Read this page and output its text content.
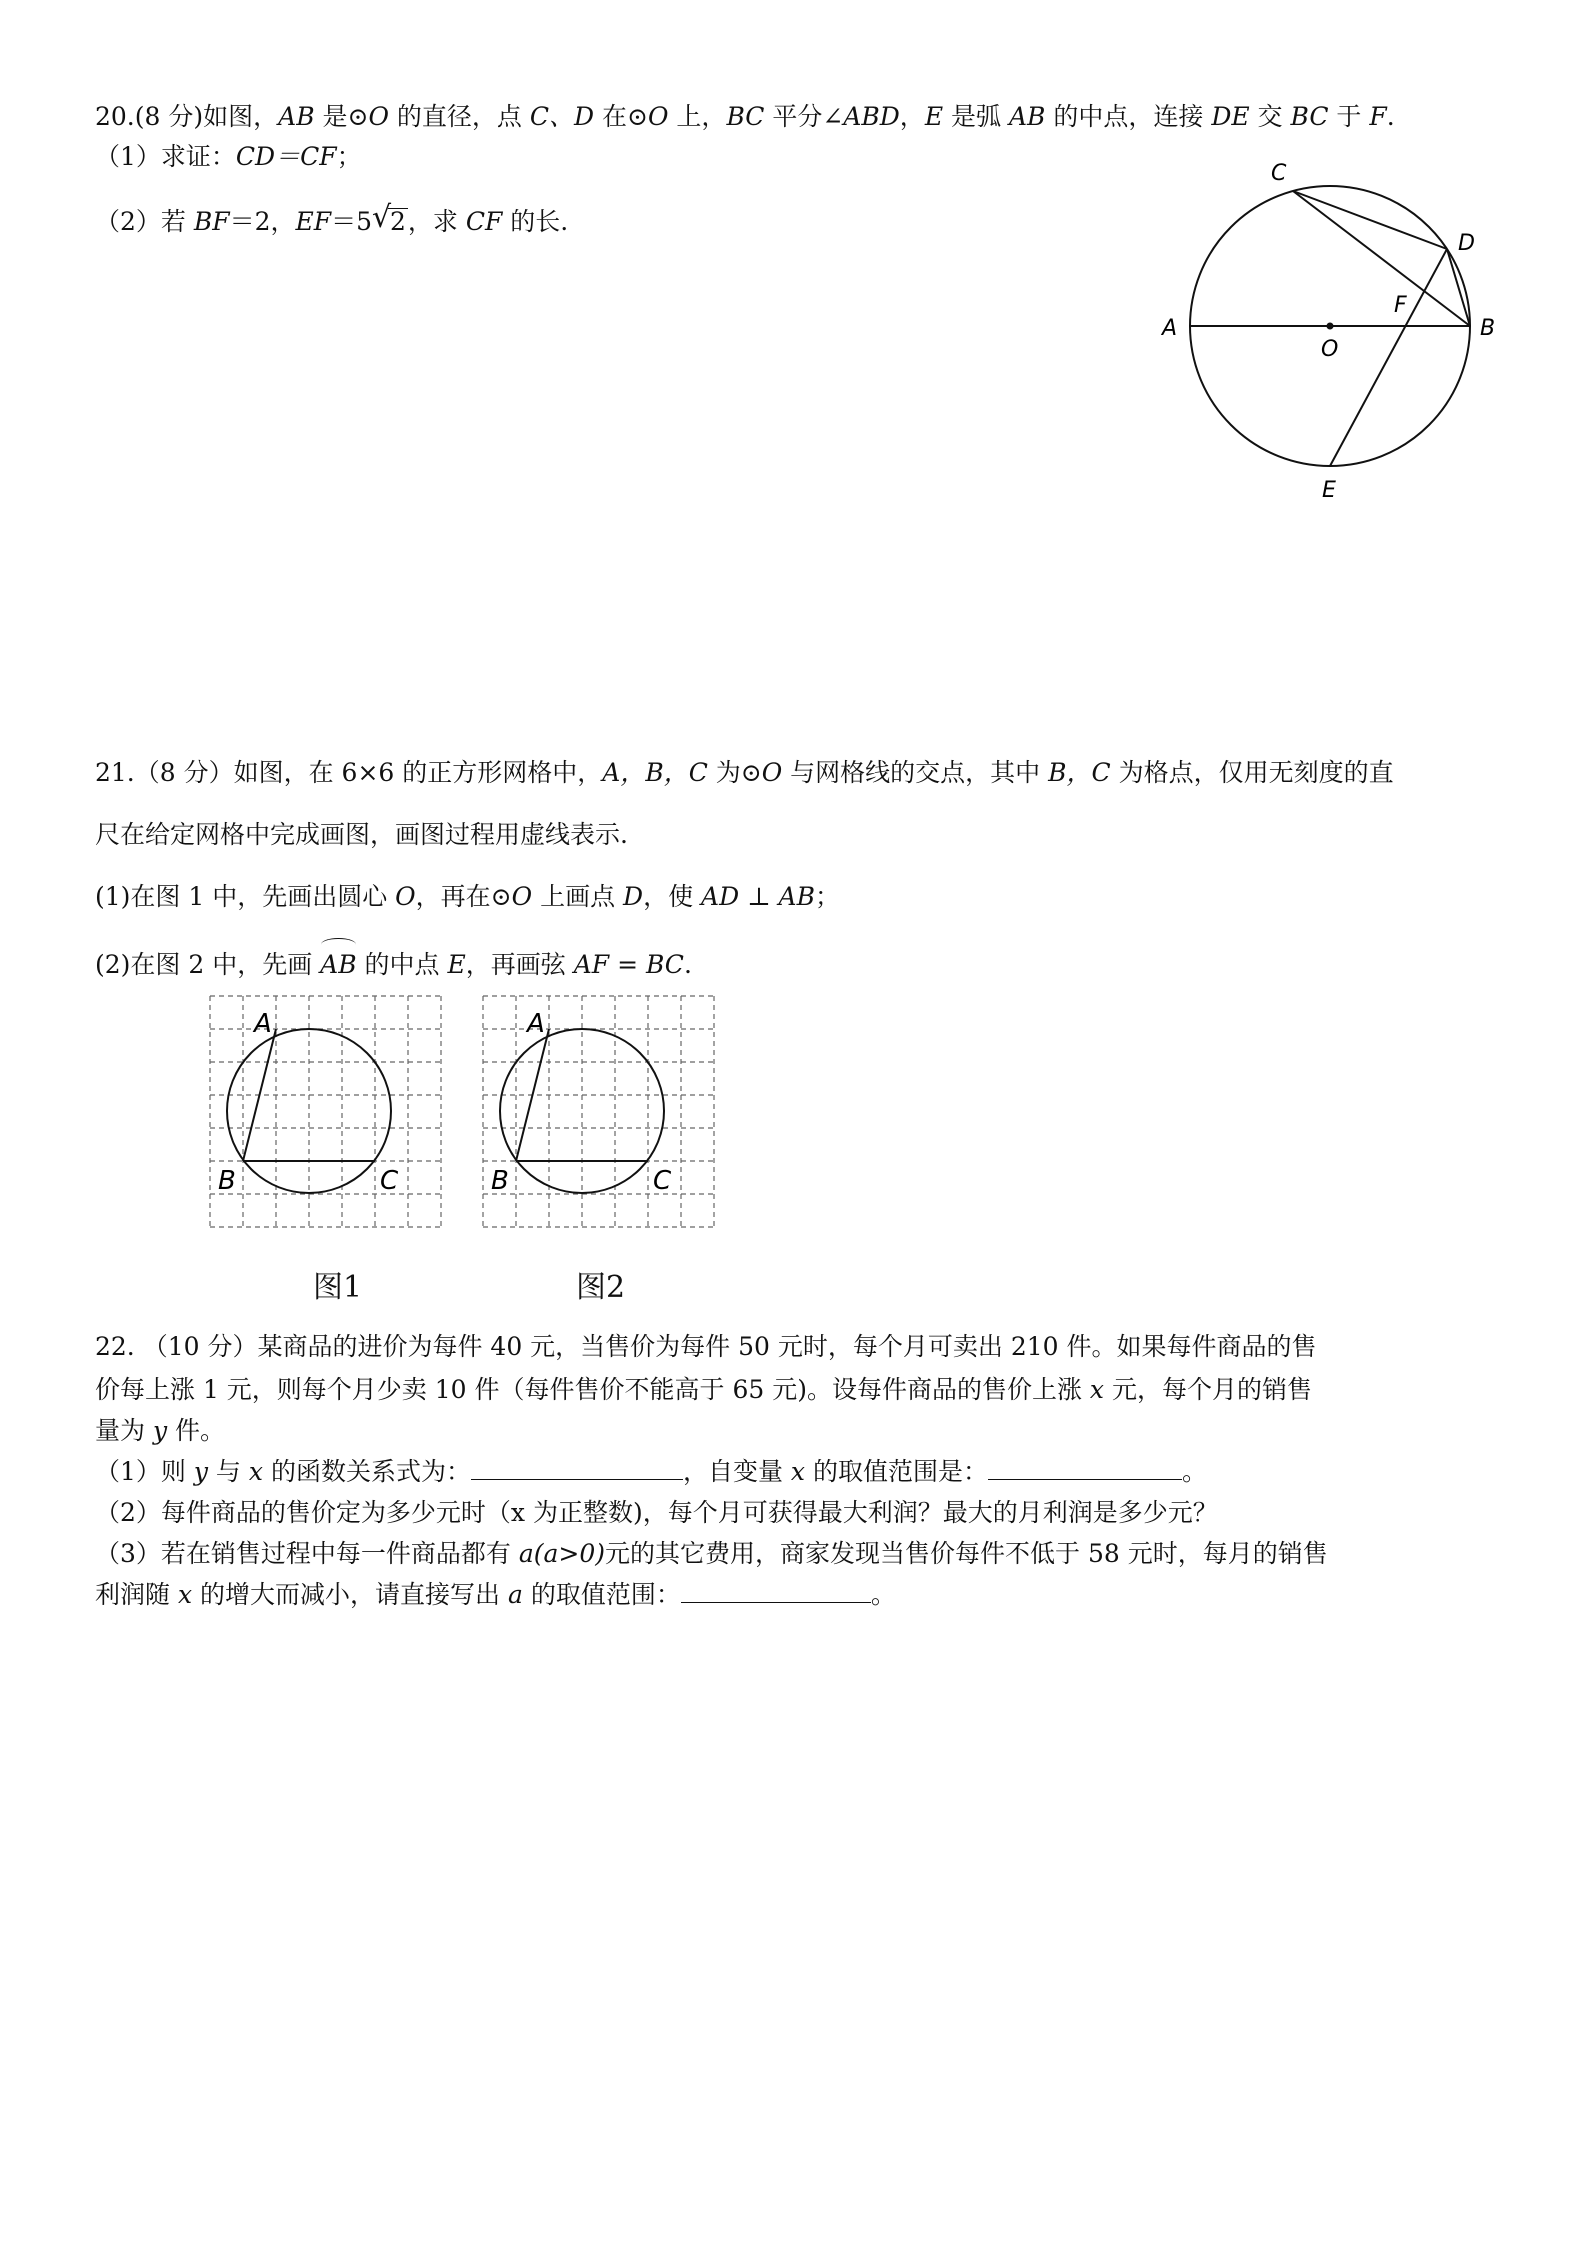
20.(8 分)如图，AB 是⊙O 的直径，点 C、D 在⊙O 上，BC 平分∠ABD，E 是弧 AB 的中点，连接 DE 交 BC 于 F.
（1）求证：CD＝CF；
（2）若 BF＝2，EF＝5 √
2，求 CF 的长.
A	B
C
D
E
F
O
21.（8 分）如图，在 6×6 的正方形网格中，A，B，C 为⊙O 与网格线的交点，其中 B，C 为格点，仅用无刻度的直
尺在给定网格中完成画图，画图过程用虚线表示.
(1)在图 1 中，先画出圆心 O，再在⊙O 上画点 D，使 AD ⊥ AB；
(2)在图 2 中，先画 AB 的中点 E，再画弦 AF = BC.
A
B	C
A
B	C
图1	图2
22. （10 分）某商品的进价为每件 40 元，当售价为每件 50 元时，每个月可卖出 210 件。如果每件商品的售
价每上涨 1 元，则每个月少卖 10 件（每件售价不能高于 65 元)。设每件商品的售价上涨 x 元，每个月的销售
量为 y 件。
（1）则 y 与 x 的函数关系式为：	，自变量 x 的取值范围是：	。
（2）每件商品的售价定为多少元时（x 为正整数)，每个月可获得最大利润？最大的月利润是多少元？
（3）若在销售过程中每一件商品都有 a(a>0)元的其它费用，商家发现当售价每件不低于 58 元时，每月的销售
利润随 x 的增大而减小，请直接写出 a 的取值范围：	。
